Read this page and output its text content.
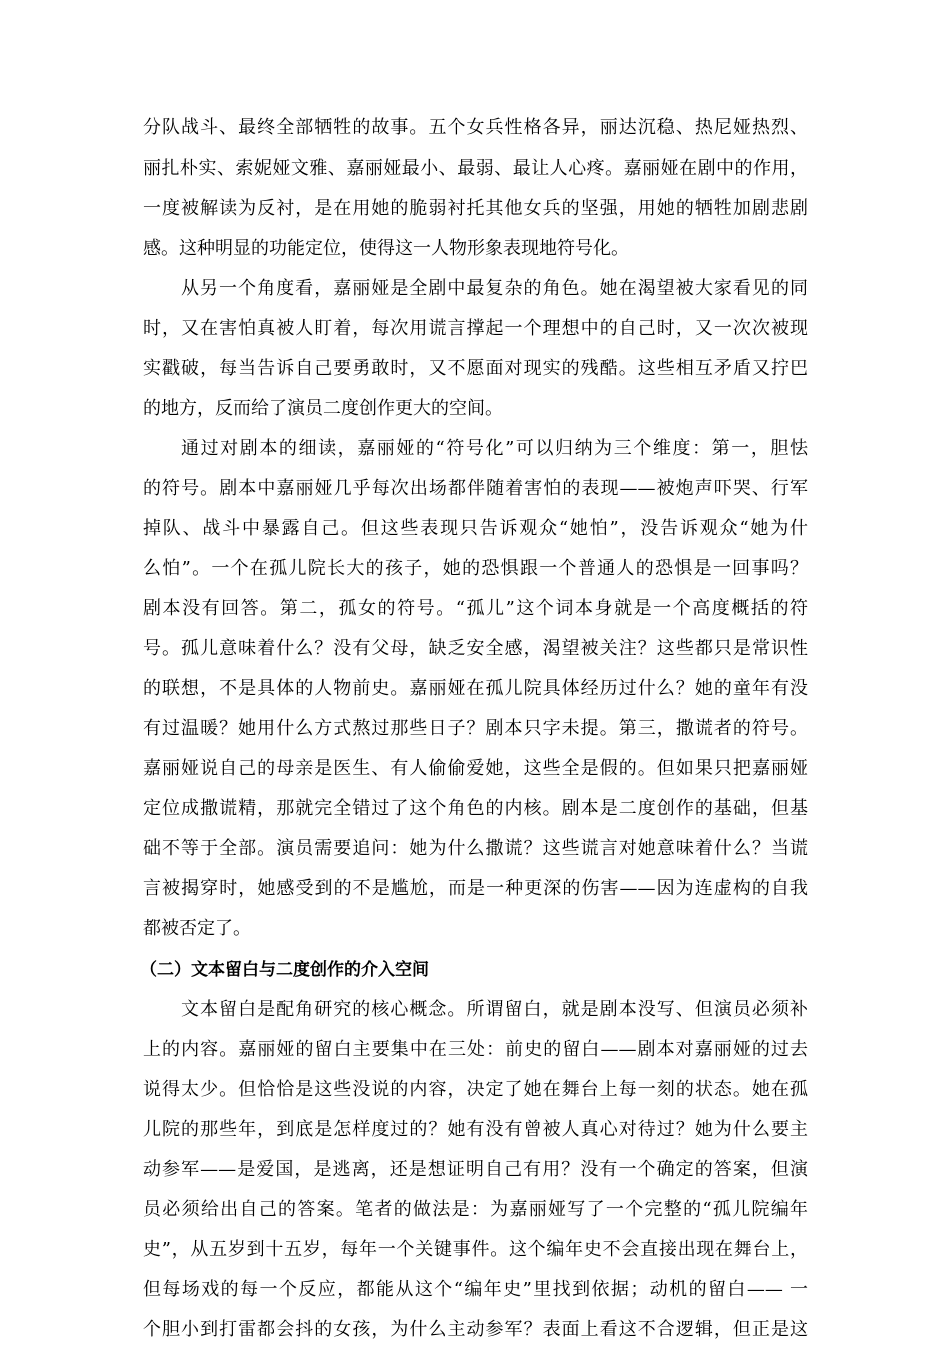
分队战斗、最终全部牺牲的故事。五个女兵性格各异，丽达沉稳、热尼娅热烈、
丽扎朴实、索妮娅文雅、嘉丽娅最小、最弱、最让人心疼。嘉丽娅在剧中的作用，
一度被解读为反衬，是在用她的脆弱衬托其他女兵的坚强，用她的牺牲加剧悲剧
感。这种明显的功能定位，使得这一人物形象表现地符号化。
从另一个角度看，嘉丽娅是全剧中最复杂的角色。她在渴望被大家看见的同
时，又在害怕真被人盯着，每次用谎言撑起一个理想中的自己时，又一次次被现
实戳破，每当告诉自己要勇敢时，又不愿面对现实的残酷。这些相互矛盾又拧巴
的地方，反而给了演员二度创作更大的空间。
通过对剧本的细读，嘉丽娅的“符号化”可以归纳为三个维度：第一，胆怯
的符号。剧本中嘉丽娅几乎每次出场都伴随着害怕的表现——被炮声吓哭、行军
掉队、战斗中暴露自己。但这些表现只告诉观众“她怕”，没告诉观众“她为什
么怕”。一个在孤儿院长大的孩子，她的恐惧跟一个普通人的恐惧是一回事吗？
剧本没有回答。第二，孤女的符号。“孤儿”这个词本身就是一个高度概括的符
号。孤儿意味着什么？没有父母，缺乏安全感，渴望被关注？这些都只是常识性
的联想，不是具体的人物前史。嘉丽娅在孤儿院具体经历过什么？她的童年有没
有过温暖？她用什么方式熬过那些日子？剧本只字未提。第三，撒谎者的符号。
嘉丽娅说自己的母亲是医生、有人偷偷爱她，这些全是假的。但如果只把嘉丽娅
定位成撒谎精，那就完全错过了这个角色的内核。剧本是二度创作的基础，但基
础不等于全部。演员需要追问：她为什么撒谎？这些谎言对她意味着什么？当谎
言被揭穿时，她感受到的不是尴尬，而是一种更深的伤害——因为连虚构的自我
都被否定了。
（二）文本留白与二度创作的介入空间
文本留白是配角研究的核心概念。所谓留白，就是剧本没写、但演员必须补
上的内容。嘉丽娅的留白主要集中在三处：前史的留白——剧本对嘉丽娅的过去
说得太少。但恰恰是这些没说的内容，决定了她在舞台上每一刻的状态。她在孤
儿院的那些年，到底是怎样度过的？她有没有曾被人真心对待过？她为什么要主
动参军——是爱国，是逃离，还是想证明自己有用？没有一个确定的答案，但演
员必须给出自己的答案。笔者的做法是：为嘉丽娅写了一个完整的“孤儿院编年
史”，从五岁到十五岁，每年一个关键事件。这个编年史不会直接出现在舞台上，
但每场戏的每一个反应，都能从这个“编年史”里找到依据；动机的留白—— 一
个胆小到打雷都会抖的女孩，为什么主动参军？表面上看这不合逻辑，但正是这
